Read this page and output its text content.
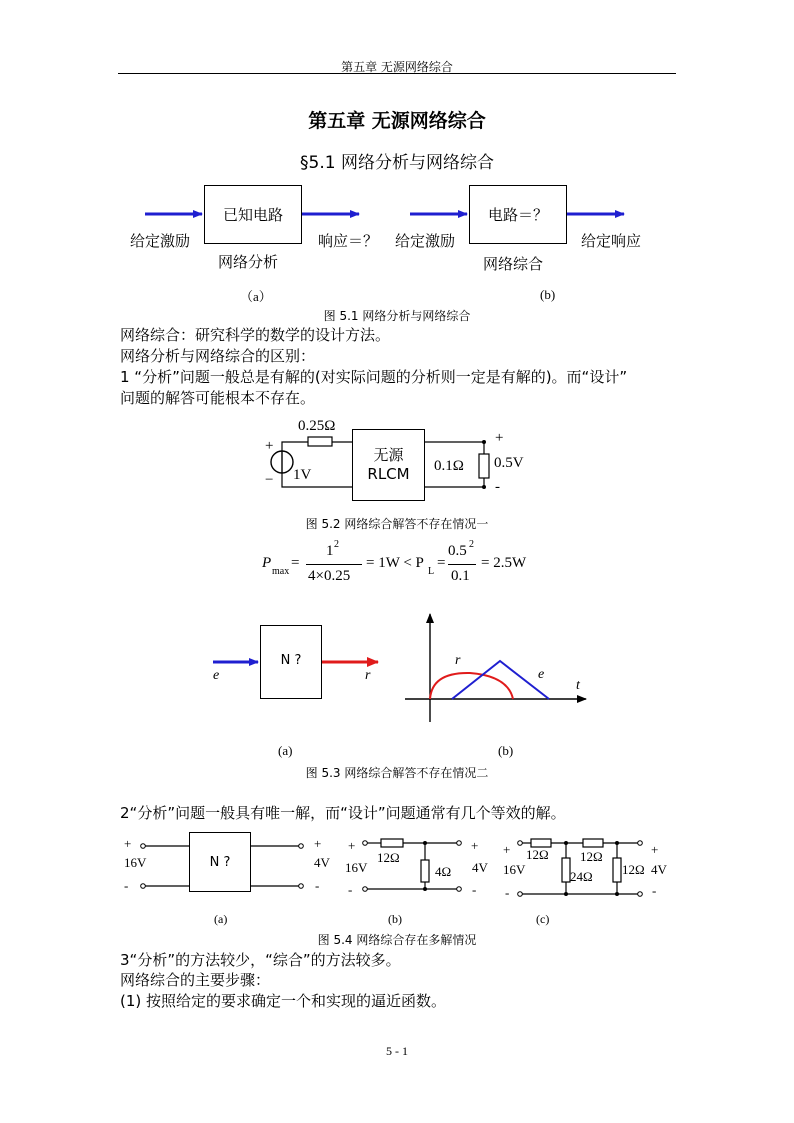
第五章 无源网络综合
第五章 无源网络综合
§5.1 网络分析与网络综合
已知电路
给定激励	响应＝？
网络分析
（a）
电路＝？
给定激励	给定响应
网络综合
(b)
图 5.1 网络分析与网络综合
网络综合：研究科学的数学的设计方法。
网络分析与网络综合的区别：
1 “分析”问题一般总是有解的(对实际问题的分析则一定是有解的)。而“设计”
问题的解答可能根本不存在。
无源
RLCM
0.25Ω
+
− 1V
0.1Ω
+
0.5V
-
图 5.2 网络综合解答不存在情况一
P
max
=
1 2
4×0.25
= 1W < P
L
=
0.5 2
0.1
= 2.5W
N ?
e	r
r
e
t
(a)	(b)
图 5.3 网络综合解答不存在情况二
2“分析”问题一般具有唯一解，而“设计”问题通常有几个等效的解。
N ?
+
16V
-
+
4V
-
(a)
+
16V
-
12Ω
4Ω
+
4V
-
(b)
+
16V
-
12Ω 12Ω
24Ω 12Ω
+
4V
-
(c)
图 5.4 网络综合存在多解情况
3“分析”的方法较少，“综合”的方法较多。
网络综合的主要步骤：
(1) 按照给定的要求确定一个和实现的逼近函数。
5 - 1
